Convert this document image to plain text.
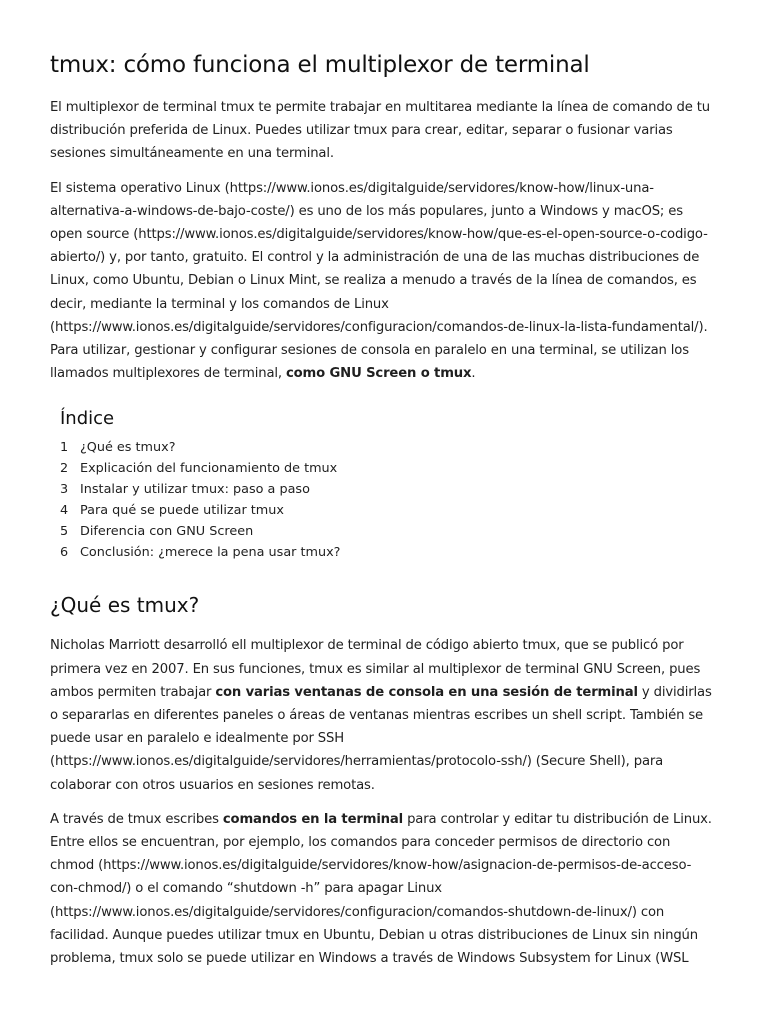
tmux: cómo funciona el multiplexor de terminal

El multiplexor de terminal tmux te permite trabajar en multitarea mediante la línea de comando de tu distribución preferida de Linux. Puedes utilizar tmux para crear, editar, separar o fusionar varias sesiones simultáneamente en una terminal.

El sistema operativo Linux (https://www.ionos.es/digitalguide/servidores/know-how/linux-una-alternativa-a-windows-de-bajo-coste/) es uno de los más populares, junto a Windows y macOS; es open source (https://www.ionos.es/digitalguide/servidores/know-how/que-es-el-open-source-o-codigo-abierto/) y, por tanto, gratuito. El control y la administración de una de las muchas distribuciones de Linux, como Ubuntu, Debian o Linux Mint, se realiza a menudo a través de la línea de comandos, es decir, mediante la terminal y los comandos de Linux (https://www.ionos.es/digitalguide/servidores/configuracion/comandos-de-linux-la-lista-fundamental/). Para utilizar, gestionar y configurar sesiones de consola en paralelo en una terminal, se utilizan los llamados multiplexores de terminal, como GNU Screen o tmux.

Índice
1 ¿Qué es tmux?
2 Explicación del funcionamiento de tmux
3 Instalar y utilizar tmux: paso a paso
4 Para qué se puede utilizar tmux
5 Diferencia con GNU Screen
6 Conclusión: ¿merece la pena usar tmux?
¿Qué es tmux?

Nicholas Marriott desarrolló ell multiplexor de terminal de código abierto tmux, que se publicó por primera vez en 2007. En sus funciones, tmux es similar al multiplexor de terminal GNU Screen, pues ambos permiten trabajar con varias ventanas de consola en una sesión de terminal y dividirlas o separarlas en diferentes paneles o áreas de ventanas mientras escribes un shell script. También se puede usar en paralelo e idealmente por SSH (https://www.ionos.es/digitalguide/servidores/herramientas/protocolo-ssh/) (Secure Shell), para colaborar con otros usuarios en sesiones remotas.

A través de tmux escribes comandos en la terminal para controlar y editar tu distribución de Linux. Entre ellos se encuentran, por ejemplo, los comandos para conceder permisos de directorio con chmod (https://www.ionos.es/digitalguide/servidores/know-how/asignacion-de-permisos-de-acceso-con-chmod/) o el comando “shutdown -h” para apagar Linux (https://www.ionos.es/digitalguide/servidores/configuracion/comandos-shutdown-de-linux/) con facilidad. Aunque puedes utilizar tmux en Ubuntu, Debian u otras distribuciones de Linux sin ningún problema, tmux solo se puede utilizar en Windows a través de Windows Subsystem for Linux (WSL
